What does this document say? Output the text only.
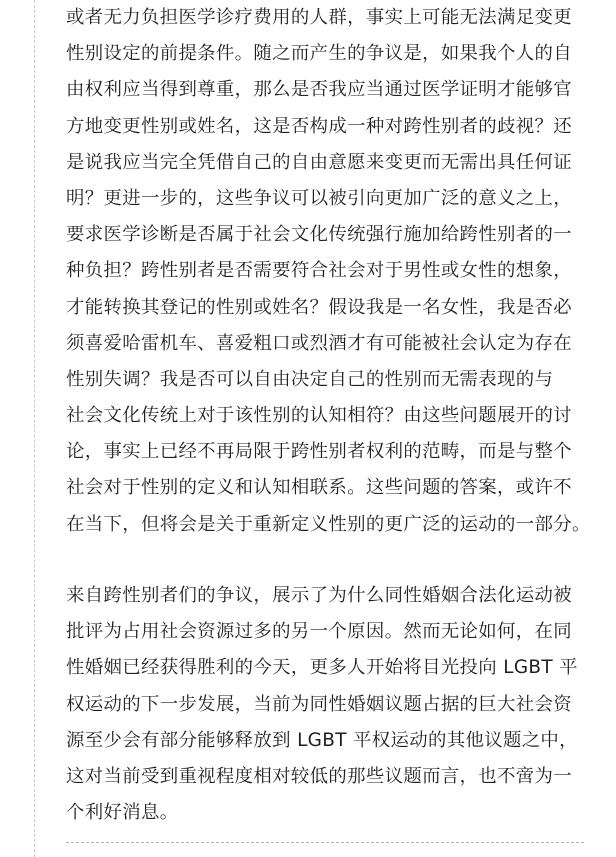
或者无力负担医学诊疗费用的人群，事实上可能无法满足变更
性别设定的前提条件。随之而产生的争议是，如果我个人的自
由权利应当得到尊重，那么是否我应当通过医学证明才能够官
方地变更性别或姓名，这是否构成一种对跨性别者的歧视？还
是说我应当完全凭借自己的自由意愿来变更而无需出具任何证
明？更进一步的，这些争议可以被引向更加广泛的意义之上，
要求医学诊断是否属于社会文化传统强行施加给跨性别者的一
种负担？跨性别者是否需要符合社会对于男性或女性的想象，
才能转换其登记的性别或姓名？假设我是一名女性，我是否必
须喜爱哈雷机车、喜爱粗口或烈酒才有可能被社会认定为存在
性别失调？我是否可以自由决定自己的性别而无需表现的与
社会文化传统上对于该性别的认知相符？由这些问题展开的讨
论，事实上已经不再局限于跨性别者权利的范畴，而是与整个
社会对于性别的定义和认知相联系。这些问题的答案，或许不
在当下，但将会是关于重新定义性别的更广泛的运动的一部分。
来自跨性别者们的争议，展示了为什么同性婚姻合法化运动被
批评为占用社会资源过多的另一个原因。然而无论如何，在同
性婚姻已经获得胜利的今天，更多人开始将目光投向 LGBT 平
权运动的下一步发展，当前为同性婚姻议题占据的巨大社会资
源至少会有部分能够释放到 LGBT 平权运动的其他议题之中，
这对当前受到重视程度相对较低的那些议题而言，也不啻为一
个利好消息。
